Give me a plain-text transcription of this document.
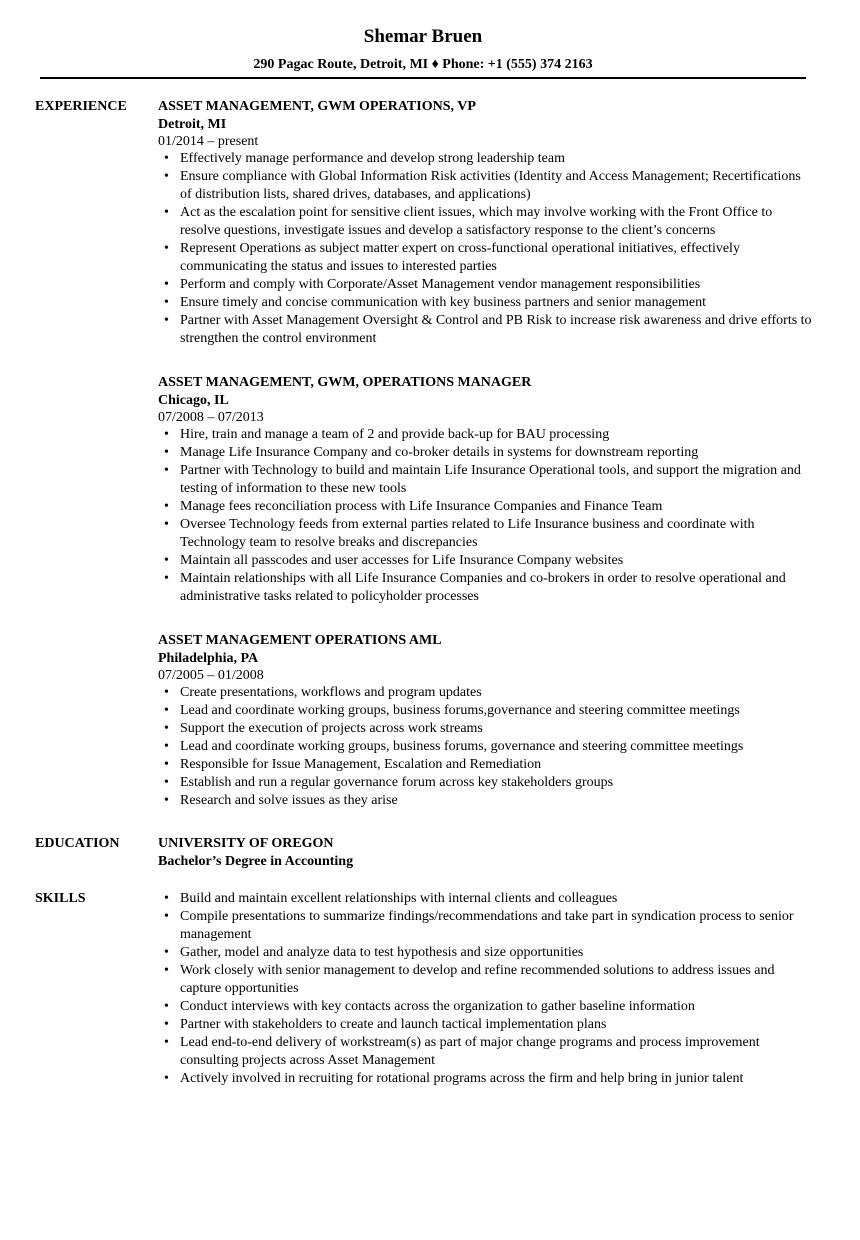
Shemar Bruen
290 Pagac Route, Detroit, MI ♦ Phone: +1 (555) 374 2163
EXPERIENCE ASSET MANAGEMENT, GWM OPERATIONS, VP
Detroit, MI
01/2014 – present
• Effectively manage performance and develop strong leadership team
• Ensure compliance with Global Information Risk activities (Identity and Access Management; Recertifications of distribution lists, shared drives, databases, and applications)
• Act as the escalation point for sensitive client issues, which may involve working with the Front Office to resolve questions, investigate issues and develop a satisfactory response to the client’s concerns
• Represent Operations as subject matter expert on cross-functional operational initiatives, effectively communicating the status and issues to interested parties
• Perform and comply with Corporate/Asset Management vendor management responsibilities
• Ensure timely and concise communication with key business partners and senior management
• Partner with Asset Management Oversight & Control and PB Risk to increase risk awareness and drive efforts to strengthen the control environment
ASSET MANAGEMENT, GWM, OPERATIONS MANAGER
Chicago, IL
07/2008 – 07/2013
• Hire, train and manage a team of 2 and provide back-up for BAU processing
• Manage Life Insurance Company and co-broker details in systems for downstream reporting
• Partner with Technology to build and maintain Life Insurance Operational tools, and support the migration and testing of information to these new tools
• Manage fees reconciliation process with Life Insurance Companies and Finance Team
• Oversee Technology feeds from external parties related to Life Insurance business and coordinate with Technology team to resolve breaks and discrepancies
• Maintain all passcodes and user accesses for Life Insurance Company websites
• Maintain relationships with all Life Insurance Companies and co-brokers in order to resolve operational and administrative tasks related to policyholder processes
ASSET MANAGEMENT OPERATIONS AML
Philadelphia, PA
07/2005 – 01/2008
• Create presentations, workflows and program updates
• Lead and coordinate working groups, business forums,governance and steering committee meetings
• Support the execution of projects across work streams
• Lead and coordinate working groups, business forums, governance and steering committee meetings
• Responsible for Issue Management, Escalation and Remediation
• Establish and run a regular governance forum across key stakeholders groups
• Research and solve issues as they arise
EDUCATION	UNIVERSITY OF OREGON
Bachelor’s Degree in Accounting
SKILLS	• Build and maintain excellent relationships with internal clients and colleagues
• Compile presentations to summarize findings/recommendations and take part in syndication process to senior management
• Gather, model and analyze data to test hypothesis and size opportunities
• Work closely with senior management to develop and refine recommended solutions to address issues and capture opportunities
• Conduct interviews with key contacts across the organization to gather baseline information
• Partner with stakeholders to create and launch tactical implementation plans
• Lead end-to-end delivery of workstream(s) as part of major change programs and process improvement consulting projects across Asset Management
• Actively involved in recruiting for rotational programs across the firm and help bring in junior talent
